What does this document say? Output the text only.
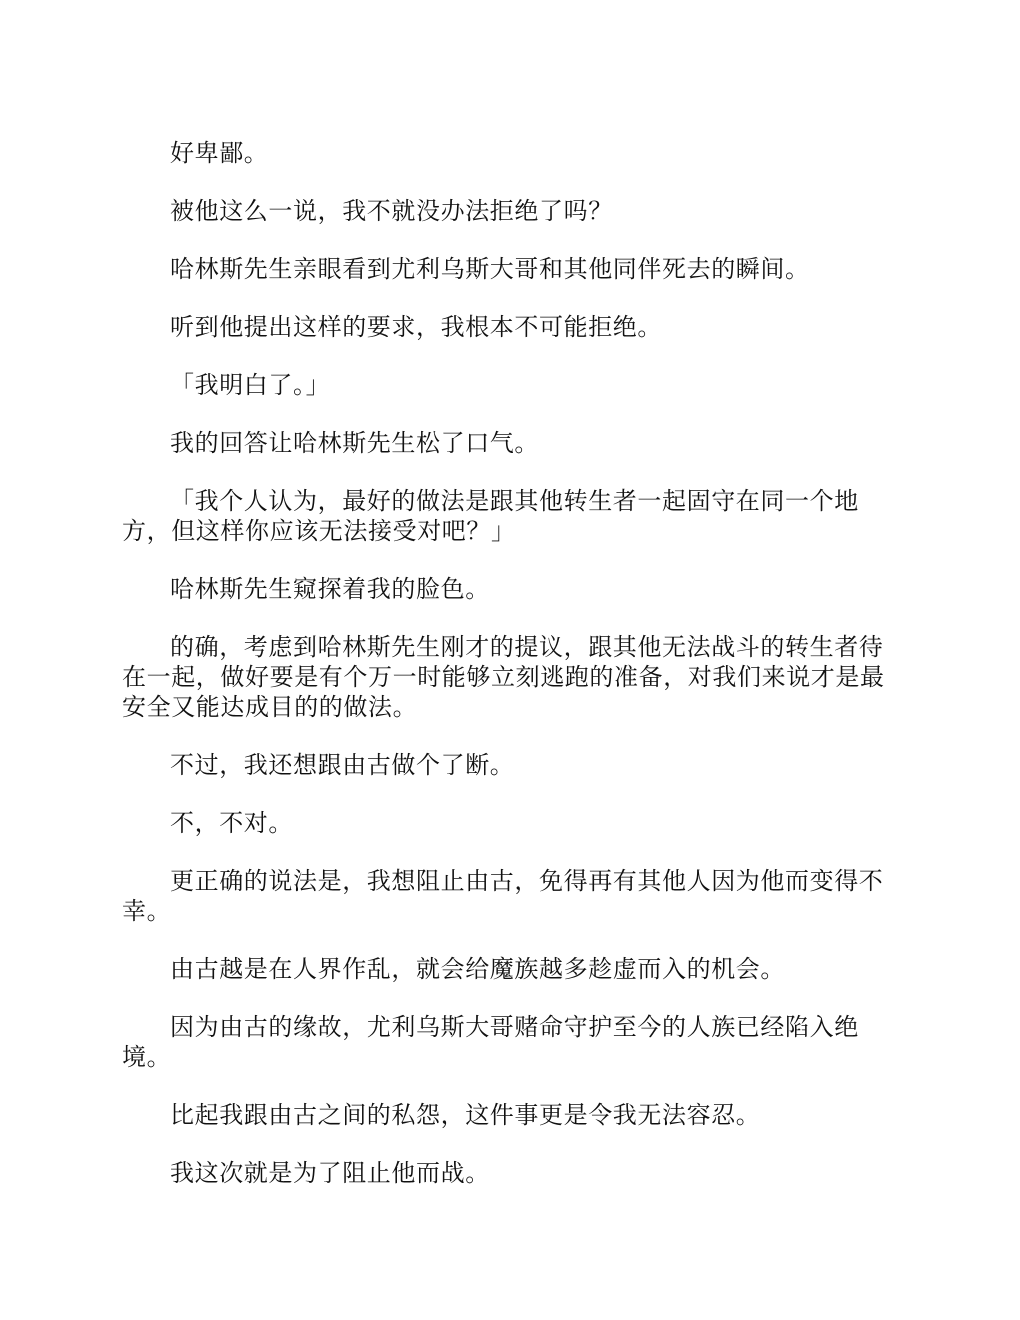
好卑鄙。

被他这么一说，我不就没办法拒绝了吗？

哈林斯先生亲眼看到尤利乌斯大哥和其他同伴死去的瞬间。

听到他提出这样的要求，我根本不可能拒绝。

「我明白了。」

我的回答让哈林斯先生松了口气。

「我个人认为，最好的做法是跟其他转生者一起固守在同一个地方，但这样你应该无法接受对吧？」

哈林斯先生窥探着我的脸色。

的确，考虑到哈林斯先生刚才的提议，跟其他无法战斗的转生者待在一起，做好要是有个万一时能够立刻逃跑的准备，对我们来说才是最安全又能达成目的的做法。

不过，我还想跟由古做个了断。

不，不对。

更正确的说法是，我想阻止由古，免得再有其他人因为他而变得不幸。

由古越是在人界作乱，就会给魔族越多趁虚而入的机会。

因为由古的缘故，尤利乌斯大哥赌命守护至今的人族已经陷入绝境。

比起我跟由古之间的私怨，这件事更是令我无法容忍。

我这次就是为了阻止他而战。
